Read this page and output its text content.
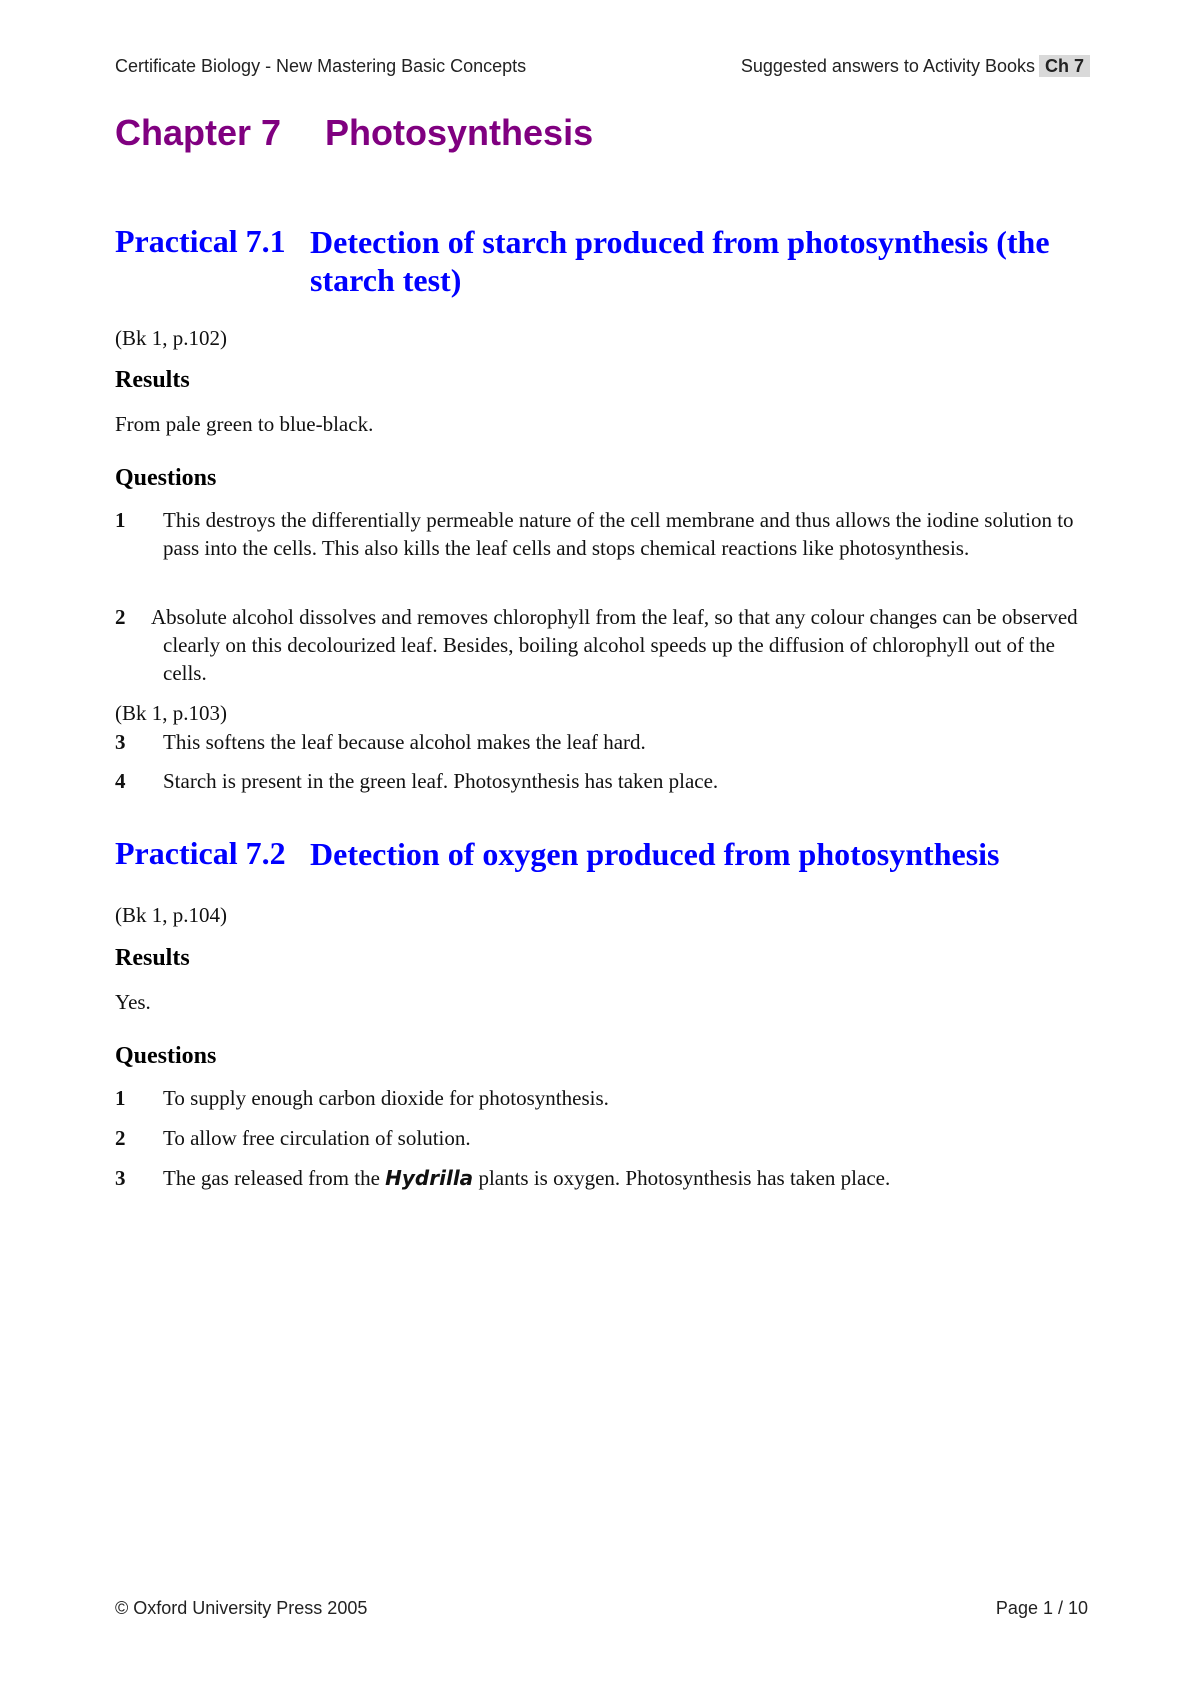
Certificate Biology - New Mastering Basic Concepts	Suggested answers to Activity Books Ch 7
Chapter 7 Photosynthesis
Practical 7.1 Detection of starch produced from photosynthesis (the starch test)

(Bk 1, p.102)

Results

From pale green to blue-black.

Questions
1 This destroys the differentially permeable nature of the cell membrane and thus allows the iodine solution to pass into the cells. This also kills the leaf cells and stops chemical reactions like photosynthesis.
2 Absolute alcohol dissolves and removes chlorophyll from the leaf, so that any colour changes can be observed clearly on this decolourized leaf. Besides, boiling alcohol speeds up the diffusion of chlorophyll out of the cells.

(Bk 1, p.103)

3 This softens the leaf because alcohol makes the leaf hard.
4 Starch is present in the green leaf. Photosynthesis has taken place.
Practical 7.2 Detection of oxygen produced from photosynthesis

(Bk 1, p.104)

Results

Yes.

Questions
1 To supply enough carbon dioxide for photosynthesis.
2 To allow free circulation of solution.
3 The gas released from the Hydrilla plants is oxygen. Photosynthesis has taken place.
© Oxford University Press 2005	Page 1 / 10
